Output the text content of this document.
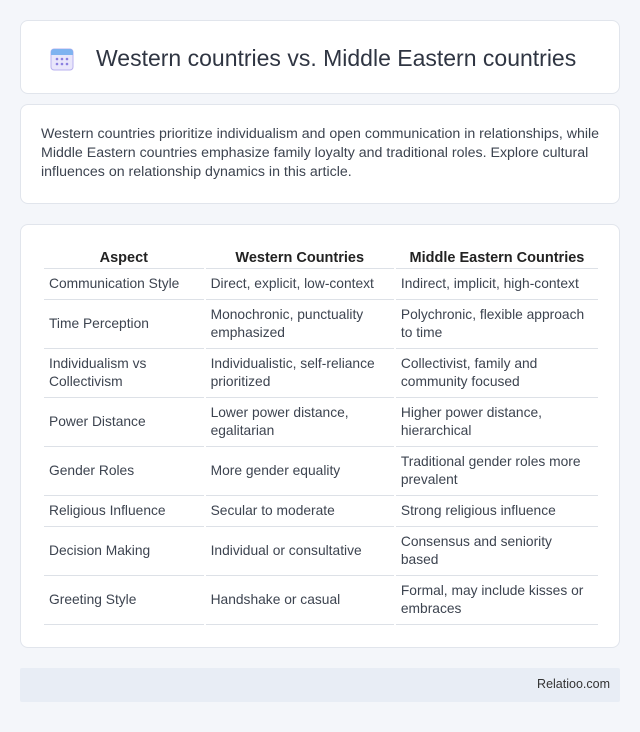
Western countries vs. Middle Eastern countries

Western countries prioritize individualism and open communication in relationships, while Middle Eastern countries emphasize family loyalty and traditional roles. Explore cultural influences on relationship dynamics in this article.

Aspect	Western Countries	Middle Eastern Countries
Communication Style	Direct, explicit, low-context	Indirect, implicit, high-context
Time Perception	Monochronic, punctuality emphasized	Polychronic, flexible approach to time
Individualism vs Collectivism	Individualistic, self-reliance prioritized	Collectivist, family and community focused
Power Distance	Lower power distance, egalitarian	Higher power distance, hierarchical
Gender Roles	More gender equality	Traditional gender roles more prevalent
Religious Influence	Secular to moderate	Strong religious influence
Decision Making	Individual or consultative	Consensus and seniority based
Greeting Style	Handshake or casual	Formal, may include kisses or embraces
Relatioo.com
